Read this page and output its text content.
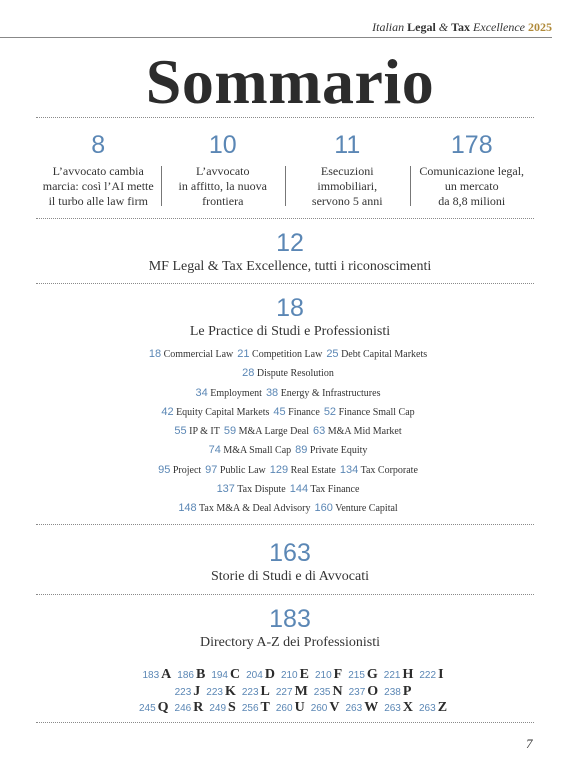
Italian Legal & Tax Excellence 2025
Sommario
8
L’avvocato cambia
marcia: così l’AI mette
il turbo alle law firm
10
L’avvocato
in affitto, la nuova
frontiera
11
Esecuzioni
immobiliari,
servono 5 anni
178
Comunicazione legal,
un mercato
da 8,8 milioni
12
MF Legal & Tax Excellence, tutti i riconoscimenti
18
Le Practice di Studi e Professionisti
18 Commercial Law 21 Competition Law 25 Debt Capital Markets
28 Dispute Resolution
34 Employment 38 Energy & Infrastructures
42 Equity Capital Markets 45 Finance 52 Finance Small Cap
55 IP & IT 59 M&A Large Deal 63 M&A Mid Market
74 M&A Small Cap 89 Private Equity
95 Project 97 Public Law 129 Real Estate 134 Tax Corporate
137 Tax Dispute 144 Tax Finance
148 Tax M&A & Deal Advisory 160 Venture Capital
163
Storie di Studi e di Avvocati
183
Directory A-Z dei Professionisti
183 A 186 B 194 C 204 D 210 E 210 F 215 G 221 H 222 I
223 J 223 K 223 L 227 M 235 N 237 O 238 P
245 Q 246 R 249 S 256 T 260 U 260 V 263 W 263 X 263 Z
7
